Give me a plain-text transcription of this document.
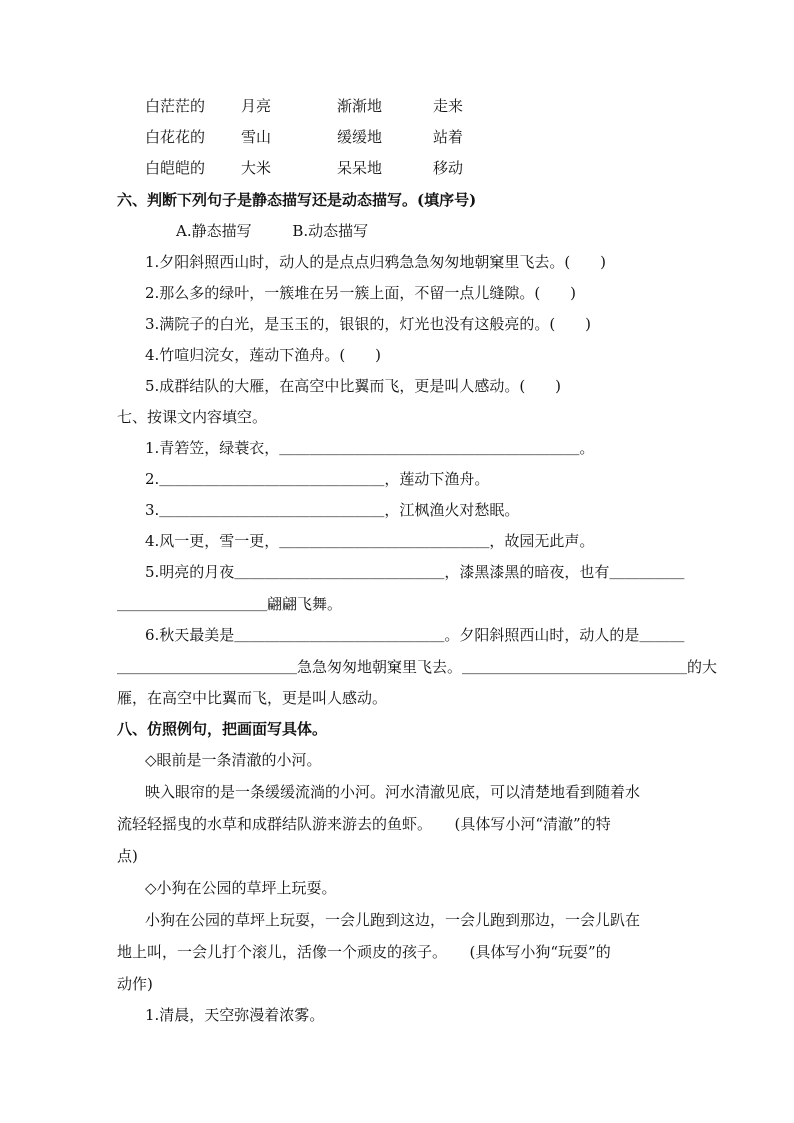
白茫茫的 月亮	渐渐地	走来
白花花的 雪山	缓缓地	站着
白皑皑的 大米	呆呆地	移动
六、判断下列句子是静态描写还是动态描写。(填序号)
A.静态描写	B.动态描写
1.夕阳斜照西山时，动人的是点点归鸦急急匆匆地朝窠里飞去。(　　)
2.那么多的绿叶，一簇堆在另一簇上面，不留一点儿缝隙。(　　)
3.满院子的白光，是玉玉的，银银的，灯光也没有这般亮的。(　　)
4.竹喧归浣女，莲动下渔舟。(　　)
5.成群结队的大雁，在高空中比翼而飞，更是叫人感动。(　　)
七、按课文内容填空。
1.青箬笠，绿蓑衣，＿＿＿＿＿＿＿＿＿＿＿＿＿＿＿＿＿＿＿＿。
2.＿＿＿＿＿＿＿＿＿＿＿＿＿＿＿，莲动下渔舟。
3.＿＿＿＿＿＿＿＿＿＿＿＿＿＿＿，江枫渔火对愁眠。
4.风一更，雪一更，＿＿＿＿＿＿＿＿＿＿＿＿＿＿，故园无此声。
5.明亮的月夜＿＿＿＿＿＿＿＿＿＿＿＿＿＿，漆黑漆黑的暗夜，也有＿＿＿＿＿
＿＿＿＿＿＿＿＿＿＿翩翩飞舞。
6.秋天最美是＿＿＿＿＿＿＿＿＿＿＿＿＿＿。夕阳斜照西山时，动人的是＿＿＿
＿＿＿＿＿＿＿＿＿＿＿＿急急匆匆地朝窠里飞去。＿＿＿＿＿＿＿＿＿＿＿＿＿＿＿的大
雁，在高空中比翼而飞，更是叫人感动。
八、仿照例句，把画面写具体。
◇眼前是一条清澈的小河。
映入眼帘的是一条缓缓流淌的小河。河水清澈见底，可以清楚地看到随着水
流轻轻摇曳的水草和成群结队游来游去的鱼虾。　　(具体写小河“清澈”的特
点)
◇小狗在公园的草坪上玩耍。
小狗在公园的草坪上玩耍，一会儿跑到这边，一会儿跑到那边，一会儿趴在
地上叫，一会儿打个滚儿，活像一个顽皮的孩子。　　(具体写小狗“玩耍”的
动作)
1.清晨，天空弥漫着浓雾。
